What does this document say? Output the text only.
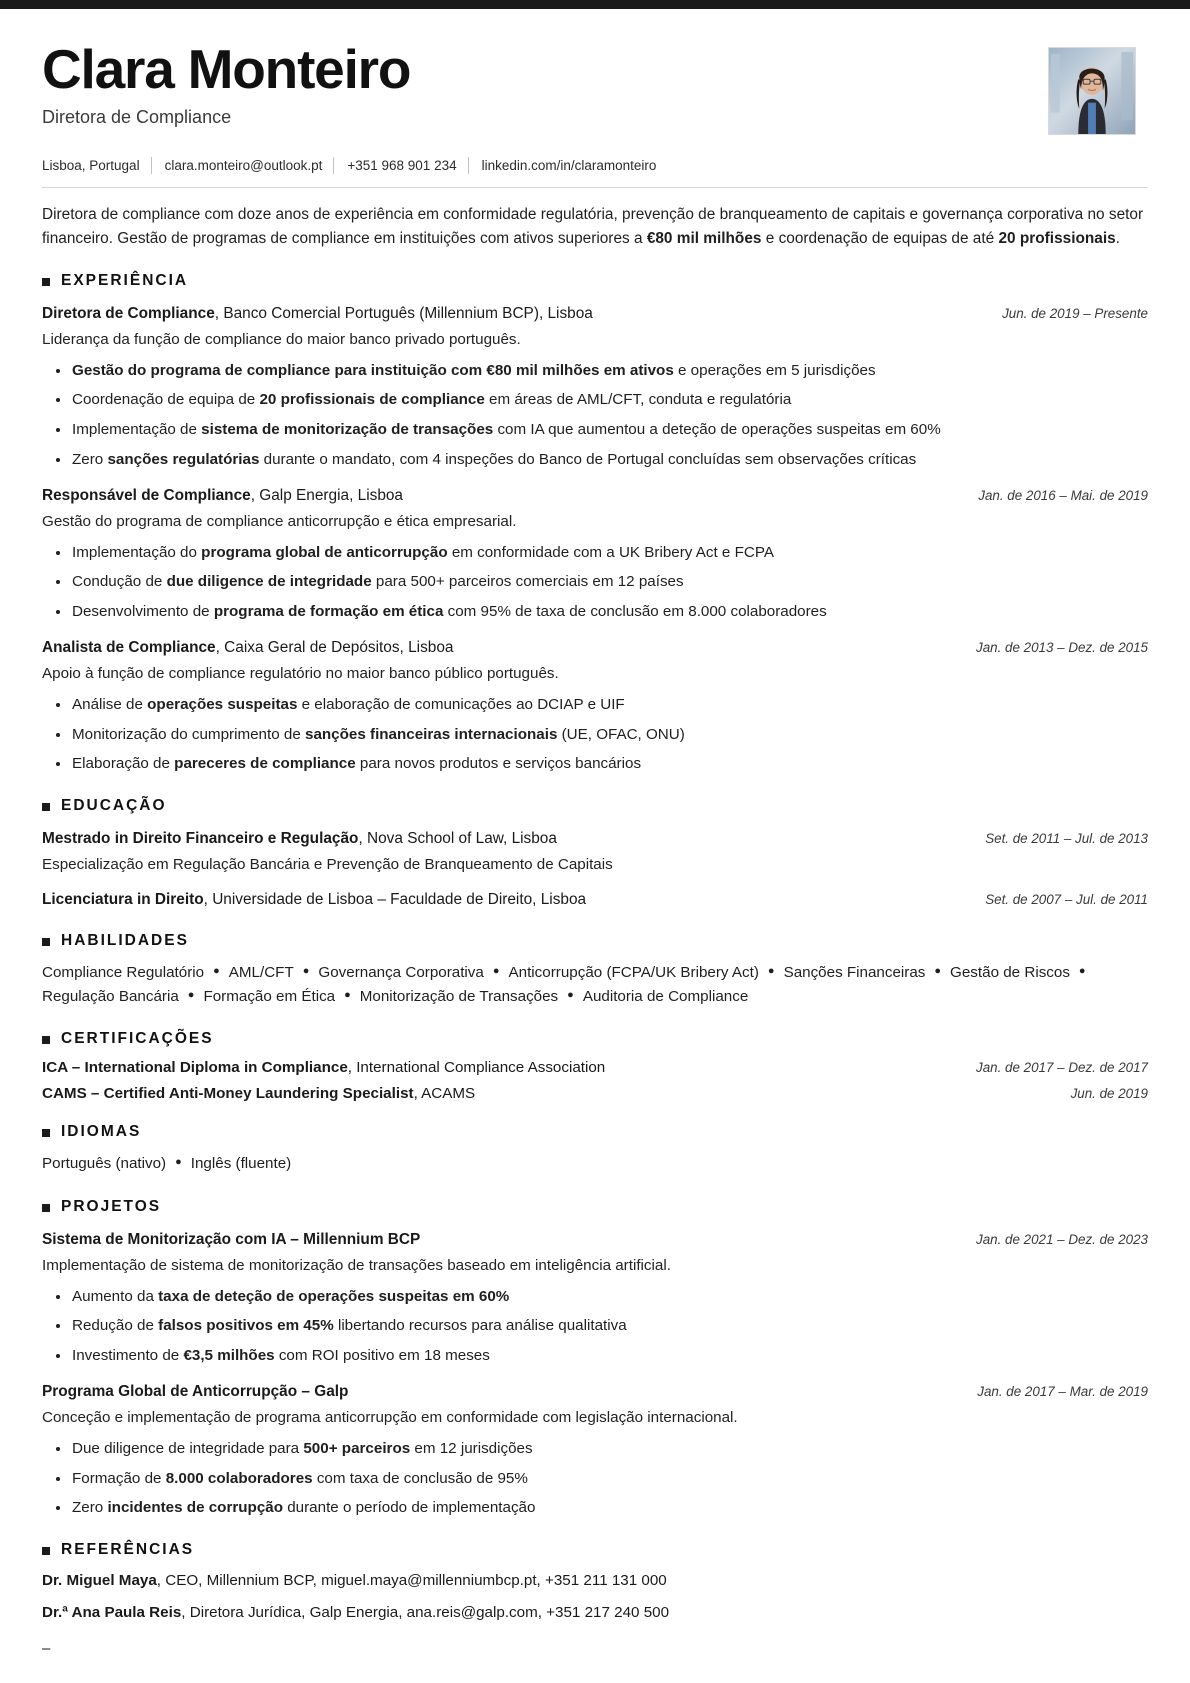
Clara Monteiro
Diretora de Compliance
Lisboa, Portugal clara.monteiro@outlook.pt +351 968 901 234 linkedin.com/in/claramonteiro
Diretora de compliance com doze anos de experiência em conformidade regulatória, prevenção de branqueamento de capitais e governança corporativa no setor financeiro. Gestão de programas de compliance em instituições com ativos superiores a €80 mil milhões e coordenação de equipas de até 20 profissionais.
EXPERIÊNCIA
Diretora de Compliance, Banco Comercial Português (Millennium BCP), Lisboa	Jun. de 2019 – Presente
Liderança da função de compliance do maior banco privado português.
Gestão do programa de compliance para instituição com €80 mil milhões em ativos e operações em 5 jurisdições
Coordenação de equipa de 20 profissionais de compliance em áreas de AML/CFT, conduta e regulatória
Implementação de sistema de monitorização de transações com IA que aumentou a deteção de operações suspeitas em 60%
Zero sanções regulatórias durante o mandato, com 4 inspeções do Banco de Portugal concluídas sem observações críticas
Responsável de Compliance, Galp Energia, Lisboa	Jan. de 2016 – Mai. de 2019
Gestão do programa de compliance anticorrupção e ética empresarial.
Implementação do programa global de anticorrupção em conformidade com a UK Bribery Act e FCPA
Condução de due diligence de integridade para 500+ parceiros comerciais em 12 países
Desenvolvimento de programa de formação em ética com 95% de taxa de conclusão em 8.000 colaboradores
Analista de Compliance, Caixa Geral de Depósitos, Lisboa	Jan. de 2013 – Dez. de 2015
Apoio à função de compliance regulatório no maior banco público português.
Análise de operações suspeitas e elaboração de comunicações ao DCIAP e UIF
Monitorização do cumprimento de sanções financeiras internacionais (UE, OFAC, ONU)
Elaboração de pareceres de compliance para novos produtos e serviços bancários
EDUCAÇÃO
Mestrado in Direito Financeiro e Regulação, Nova School of Law, Lisboa	Set. de 2011 – Jul. de 2013
Especialização em Regulação Bancária e Prevenção de Branqueamento de Capitais
Licenciatura in Direito, Universidade de Lisboa – Faculdade de Direito, Lisboa	Set. de 2007 – Jul. de 2011
HABILIDADES
Compliance Regulatório ● AML/CFT ● Governança Corporativa ● Anticorrupção (FCPA/UK Bribery Act) ● Sanções Financeiras ● Gestão de Riscos ●Regulação Bancária ● Formação em Ética ● Monitorização de Transações ● Auditoria de Compliance
CERTIFICAÇÕES
ICA – International Diploma in Compliance, International Compliance Association	Jan. de 2017 – Dez. de 2017
CAMS – Certified Anti-Money Laundering Specialist, ACAMS	Jun. de 2019
IDIOMAS
Português (nativo) ● Inglês (fluente)
PROJETOS
Sistema de Monitorização com IA – Millennium BCP	Jan. de 2021 – Dez. de 2023
Implementação de sistema de monitorização de transações baseado em inteligência artificial.
Aumento da taxa de deteção de operações suspeitas em 60%
Redução de falsos positivos em 45% libertando recursos para análise qualitativa
Investimento de €3,5 milhões com ROI positivo em 18 meses
Programa Global de Anticorrupção – Galp	Jan. de 2017 – Mar. de 2019
Conceção e implementação de programa anticorrupção em conformidade com legislação internacional.
Due diligence de integridade para 500+ parceiros em 12 jurisdições
Formação de 8.000 colaboradores com taxa de conclusão de 95%
Zero incidentes de corrupção durante o período de implementação
REFERÊNCIAS
Dr. Miguel Maya, CEO, Millennium BCP, miguel.maya@millenniumbcp.pt, +351 211 131 000
Dr.ª Ana Paula Reis, Diretora Jurídica, Galp Energia, ana.reis@galp.com, +351 217 240 500
–
